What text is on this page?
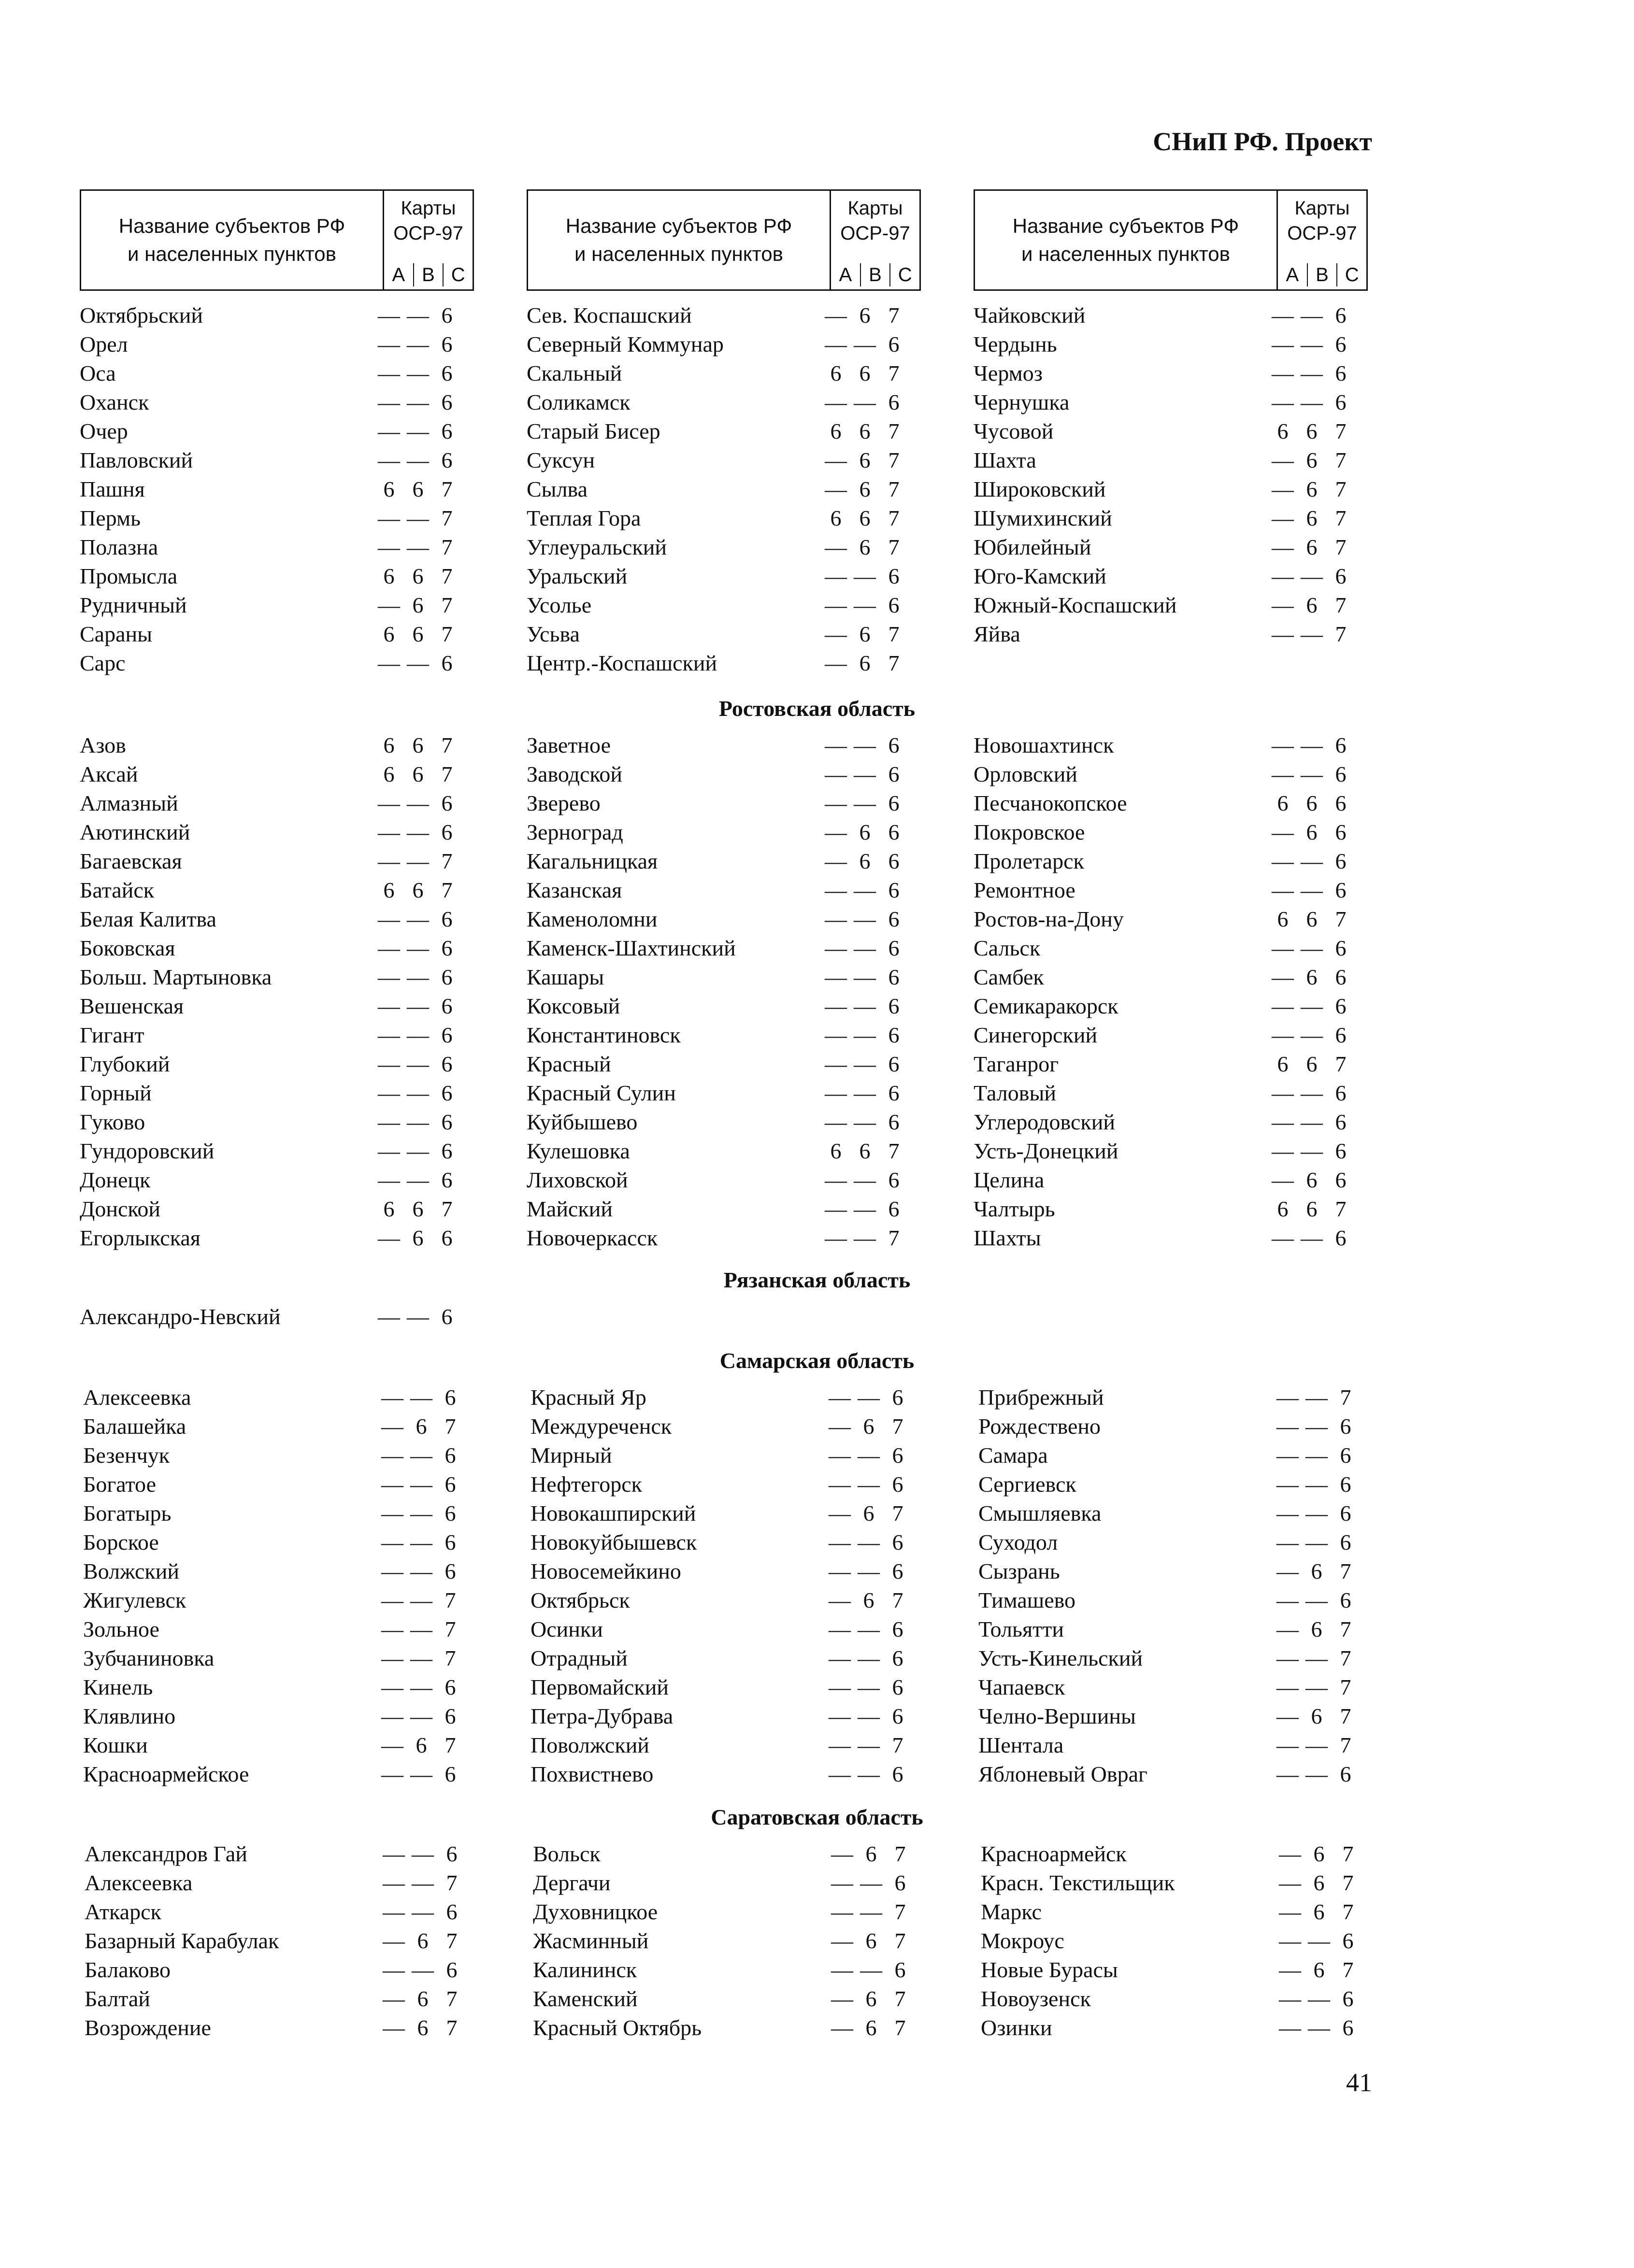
СНиП РФ. Проект
Название субъектов РФ
и населенных пунктов
Карты
ОСР-97
А В С
Название субъектов РФ
и населенных пунктов
Карты
ОСР-97
А В С
Название субъектов РФ
и населенных пунктов
Карты
ОСР-97
А В С
Октябрьский	— — 6
Орел	— — 6
Оса	— — 6
Оханск	— — 6
Очер	— — 6
Павловский	— — 6
Пашня	6 6 7
Пермь	— — 7
Полазна	— — 7
Промысла	6 6 7
Рудничный	— 6 7
Сараны	6 6 7
Сарс	— — 6
Сев. Коспашский	— 6 7
Северный Коммунар	— — 6
Скальный	6 6 7
Соликамск	— — 6
Старый Бисер	6 6 7
Суксун	— 6 7
Сылва	— 6 7
Теплая Гора	6 6 7
Углеуральский	— 6 7
Уральский	— — 6
Усолье	— — 6
Усьва	— 6 7
Центр.-Коспашский	— 6 7
Чайковский	— — 6
Чердынь	— — 6
Чермоз	— — 6
Чернушка	— — 6
Чусовой	6 6 7
Шахта	— 6 7
Широковский	— 6 7
Шумихинский	— 6 7
Юбилейный	— 6 7
Юго-Камский	— — 6
Южный-Коспашский	— 6 7
Яйва	— — 7
Ростовская область
Азов	6 6 7
Аксай	6 6 7
Алмазный	— — 6
Аютинский	— — 6
Багаевская	— — 7
Батайск	6 6 7
Белая Калитва	— — 6
Боковская	— — 6
Больш. Мартыновка	— — 6
Вешенская	— — 6
Гигант	— — 6
Глубокий	— — 6
Горный	— — 6
Гуково	— — 6
Гундоровский	— — 6
Донецк	— — 6
Донской	6 6 7
Егорлыкская	— 6 6
Заветное	— — 6
Заводской	— — 6
Зверево	— — 6
Зерноград	— 6 6
Кагальницкая	— 6 6
Казанская	— — 6
Каменоломни	— — 6
Каменск-Шахтинский	— — 6
Кашары	— — 6
Коксовый	— — 6
Константиновск	— — 6
Красный	— — 6
Красный Сулин	— — 6
Куйбышево	— — 6
Кулешовка	6 6 7
Лиховской	— — 6
Майский	— — 6
Новочеркасск	— — 7
Новошахтинск	— — 6
Орловский	— — 6
Песчанокопское	6 6 6
Покровское	— 6 6
Пролетарск	— — 6
Ремонтное	— — 6
Ростов-на-Дону	6 6 7
Сальск	— — 6
Самбек	— 6 6
Семикаракорск	— — 6
Синегорский	— — 6
Таганрог	6 6 7
Таловый	— — 6
Углеродовский	— — 6
Усть-Донецкий	— — 6
Целина	— 6 6
Чалтырь	6 6 7
Шахты	— — 6
Рязанская область
Александро-Невский	— — 6
Самарская область
Алексеевка	— — 6
Балашейка	— 6 7
Безенчук	— — 6
Богатое	— — 6
Богатырь	— — 6
Борское	— — 6
Волжский	— — 6
Жигулевск	— — 7
Зольное	— — 7
Зубчаниновка	— — 7
Кинель	— — 6
Клявлино	— — 6
Кошки	— 6 7
Красноармейское	— — 6
Красный Яр	— — 6
Междуреченск	— 6 7
Мирный	— — 6
Нефтегорск	— — 6
Новокашпирский	— 6 7
Новокуйбышевск	— — 6
Новосемейкино	— — 6
Октябрьск	— 6 7
Осинки	— — 6
Отрадный	— — 6
Первомайский	— — 6
Петра-Дубрава	— — 6
Поволжский	— — 7
Похвистнево	— — 6
Прибрежный	— — 7
Рождествено	— — 6
Самара	— — 6
Сергиевск	— — 6
Смышляевка	— — 6
Суходол	— — 6
Сызрань	— 6 7
Тимашево	— — 6
Тольятти	— 6 7
Усть-Кинельский	— — 7
Чапаевск	— — 7
Челно-Вершины	— 6 7
Шентала	— — 7
Яблоневый Овраг	— — 6
Саратовская область
Александров Гай	— — 6
Алексеевка	— — 7
Аткарск	— — 6
Базарный Карабулак	— 6 7
Балаково	— — 6
Балтай	— 6 7
Возрождение	— 6 7
Вольск	— 6 7
Дергачи	— — 6
Духовницкое	— — 7
Жасминный	— 6 7
Калининск	— — 6
Каменский	— 6 7
Красный Октябрь	— 6 7
Красноармейск	— 6 7
Красн. Текстильщик	— 6 7
Маркс	— 6 7
Мокроус	— — 6
Новые Бурасы	— 6 7
Новоузенск	— — 6
Озинки	— — 6
41
